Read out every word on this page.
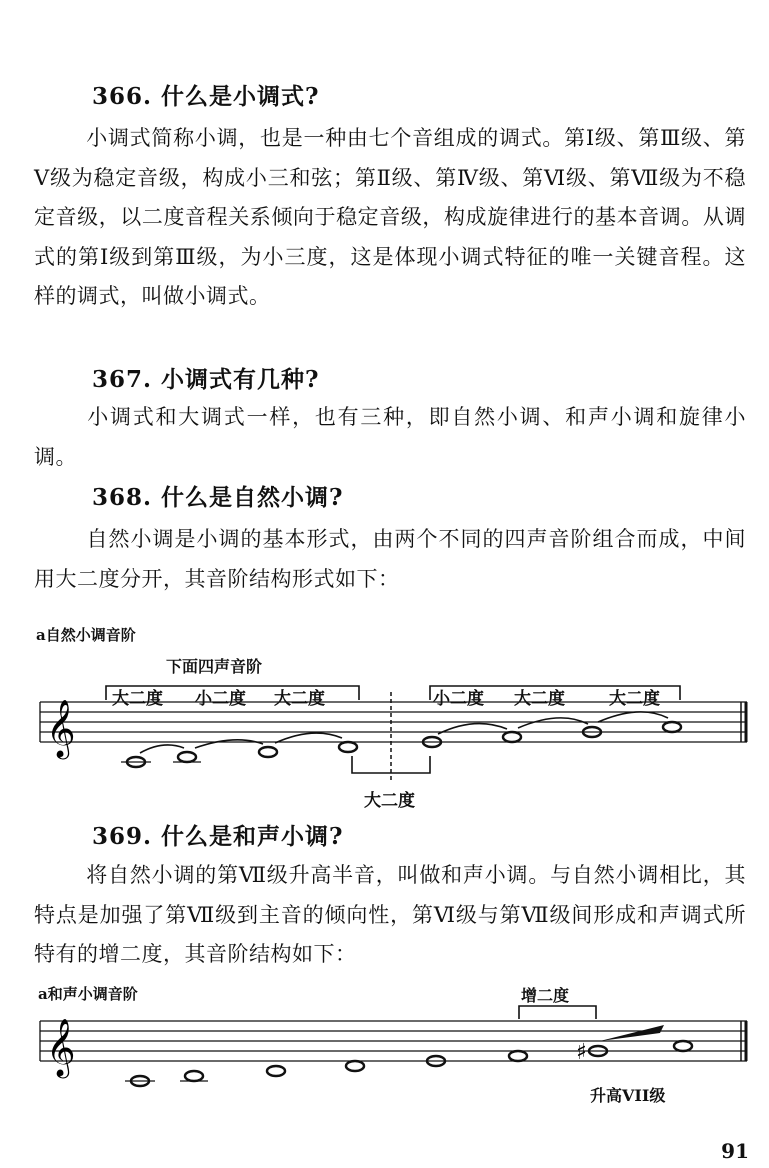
366. 什么是小调式?
小调式简称小调，也是一种由七个音组成的调式。第Ⅰ级、第Ⅲ级、第Ⅴ级为稳定音级，构成小三和弦；第Ⅱ级、第Ⅳ级、第Ⅵ级、第Ⅶ级为不稳定音级，以二度音程关系倾向于稳定音级，构成旋律进行的基本音调。从调式的第Ⅰ级到第Ⅲ级，为小三度，这是体现小调式特征的唯一关键音程。这样的调式，叫做小调式。
367. 小调式有几种?
小调式和大调式一样，也有三种，即自然小调、和声小调和旋律小调。
368. 什么是自然小调?
自然小调是小调的基本形式，由两个不同的四声音阶组合而成，中间用大二度分开，其音阶结构形式如下：
a自然小调音阶
𝄞
下面四声音阶
大二度 小二度 大二度	小二度 大二度	大二度
大二度
369. 什么是和声小调?
将自然小调的第Ⅶ级升高半音，叫做和声小调。与自然小调相比，其特点是加强了第Ⅶ级到主音的倾向性，第Ⅵ级与第Ⅶ级间形成和声调式所特有的增二度，其音阶结构如下：
a和声小调音阶	增二度
𝄞	♯
升高VII级
91
